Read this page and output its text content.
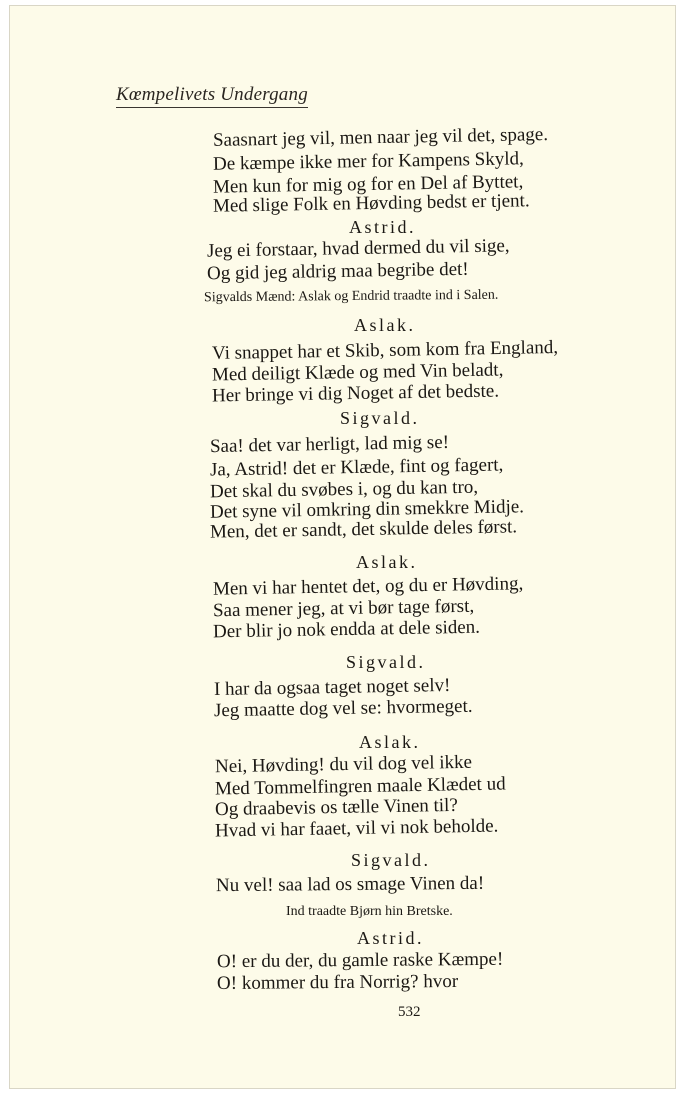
Kœmpelivets Undergang
Saasnart jeg vil, men naar jeg vil det, spage.
De kæmpe ikke mer for Kampens Skyld,
Men kun for mig og for en Del af Byttet,
Med slige Folk en Høvding bedst er tjent.
Astrid.
Jeg ei forstaar, hvad dermed du vil sige,
Og gid jeg aldrig maa begribe det!
Sigvalds Mænd: Aslak og Endrid traadte ind i Salen.
Aslak.
Vi snappet har et Skib, som kom fra England,
Med deiligt Klæde og med Vin beladt,
Her bringe vi dig Noget af det bedste.
Sigvald.
Saa! det var herligt, lad mig se!
Ja, Astrid! det er Klæde, fint og fagert,
Det skal du svøbes i, og du kan tro,
Det syne vil omkring din smekkre Midje.
Men, det er sandt, det skulde deles først.
Aslak.
Men vi har hentet det, og du er Høvding,
Saa mener jeg, at vi bør tage først,
Der blir jo nok endda at dele siden.
Sigvald.
I har da ogsaa taget noget selv!
Jeg maatte dog vel se: hvormeget.
Aslak.
Nei, Høvding! du vil dog vel ikke
Med Tommelfingren maale Klædet ud
Og draabevis os tælle Vinen til?
Hvad vi har faaet, vil vi nok beholde.
Sigvald.
Nu vel! saa lad os smage Vinen da!
Ind traadte Bjørn hin Bretske.
Astrid.
O! er du der, du gamle raske Kæmpe!
O! kommer du fra Norrig? hvor
532
